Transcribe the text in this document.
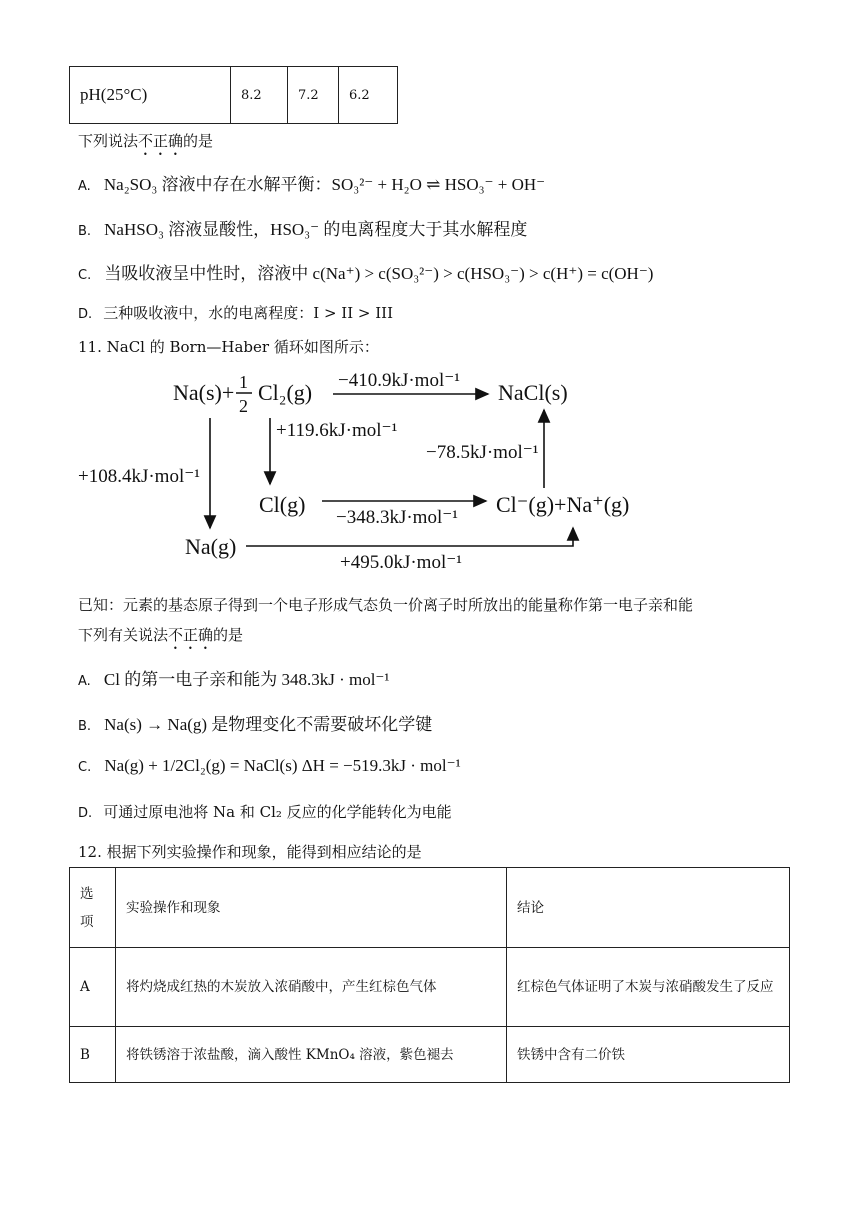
pH(25°C)	8.2	7.2	6.2
下列说法不正确的是
A. Na₂SO₃ 溶液中存在水解平衡：SO₃²⁻ + H₂O ⇌ HSO₃⁻ + OH⁻
B. NaHSO₃ 溶液显酸性，HSO₃⁻ 的电离程度大于其水解程度
C. 当吸收液呈中性时，溶液中 c(Na⁺) > c(SO₃²⁻) > c(HSO₃⁻) > c(H⁺) = c(OH⁻)
D. 三种吸收液中，水的电离程度：I > II > III
11. NaCl 的 Born—Haber 循环如图所示：
Na(s)+ 1
2
Cl₂(g)	NaCl(s)
Cl(g)	Cl⁻(g)+Na⁺(g)
Na(g)
−410.9kJ·mol⁻¹
+119.6kJ·mol⁻¹
−78.5kJ·mol⁻¹
+108.4kJ·mol⁻¹
−348.3kJ·mol⁻¹
+495.0kJ·mol⁻¹
已知：元素的基态原子得到一个电子形成气态负一价离子时所放出的能量称作第一电子亲和能
下列有关说法不正确的是
A. Cl 的第一电子亲和能为 348.3kJ · mol⁻¹
B. Na(s) → Na(g) 是物理变化不需要破坏化学键
C. Na(g) + 1/2Cl₂(g) = NaCl(s) ΔH = −519.3kJ · mol⁻¹
D. 可通过原电池将 Na 和 Cl₂ 反应的化学能转化为电能
12. 根据下列实验操作和现象，能得到相应结论的是
选
项	实验操作和现象	结论
A	将灼烧成红热的木炭放入浓硝酸中，产生红棕色气体	红棕色气体证明了木炭与浓硝酸发生了反应
B	将铁锈溶于浓盐酸，滴入酸性 KMnO₄ 溶液，紫色褪去	铁锈中含有二价铁
